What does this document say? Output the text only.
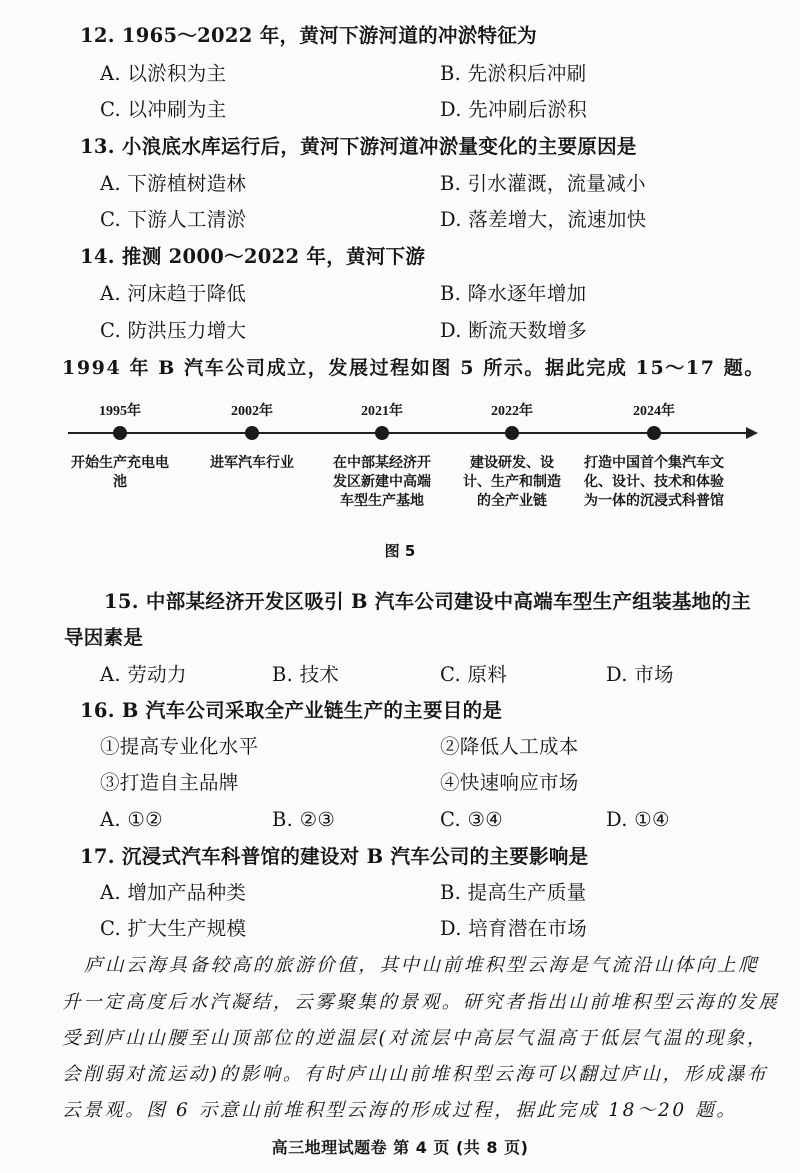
12. 1965～2022 年，黄河下游河道的冲淤特征为
A. 以淤积为主	B. 先淤积后冲刷
C. 以冲刷为主	D. 先冲刷后淤积
13. 小浪底水库运行后，黄河下游河道冲淤量变化的主要原因是
A. 下游植树造林	B. 引水灌溉，流量减小
C. 下游人工清淤	D. 落差增大，流速加快
14. 推测 2000～2022 年，黄河下游
A. 河床趋于降低	B. 降水逐年增加
C. 防洪压力增大	D. 断流天数增多
1994 年 B 汽车公司成立，发展过程如图 5 所示。据此完成 15～17 题。
1995年
开始生产充电电池
2002年
进军汽车行业
2021年
在中部某经济开发区新建中高端车型生产基地
2022年
建设研发、设计、生产和制造的全产业链
2024年
打造中国首个集汽车文化、设计、技术和体验为一体的沉浸式科普馆
图 5
15. 中部某经济开发区吸引 B 汽车公司建设中高端车型生产组装基地的主
导因素是
A. 劳动力	B. 技术	C. 原料	D. 市场
16. B 汽车公司采取全产业链生产的主要目的是
①提高专业化水平	②降低人工成本
③打造自主品牌	④快速响应市场
A. ①②	B. ②③	C. ③④	D. ①④
17. 沉浸式汽车科普馆的建设对 B 汽车公司的主要影响是
A. 增加产品种类	B. 提高生产质量
C. 扩大生产规模	D. 培育潜在市场
庐山云海具备较高的旅游价值，其中山前堆积型云海是气流沿山体向上爬
升一定高度后水汽凝结，云雾聚集的景观。研究者指出山前堆积型云海的发展
受到庐山山腰至山顶部位的逆温层(对流层中高层气温高于低层气温的现象，
会削弱对流运动)的影响。有时庐山山前堆积型云海可以翻过庐山，形成瀑布
云景观。图 6 示意山前堆积型云海的形成过程，据此完成 18～20 题。
高三地理试题卷 第 4 页 (共 8 页)
